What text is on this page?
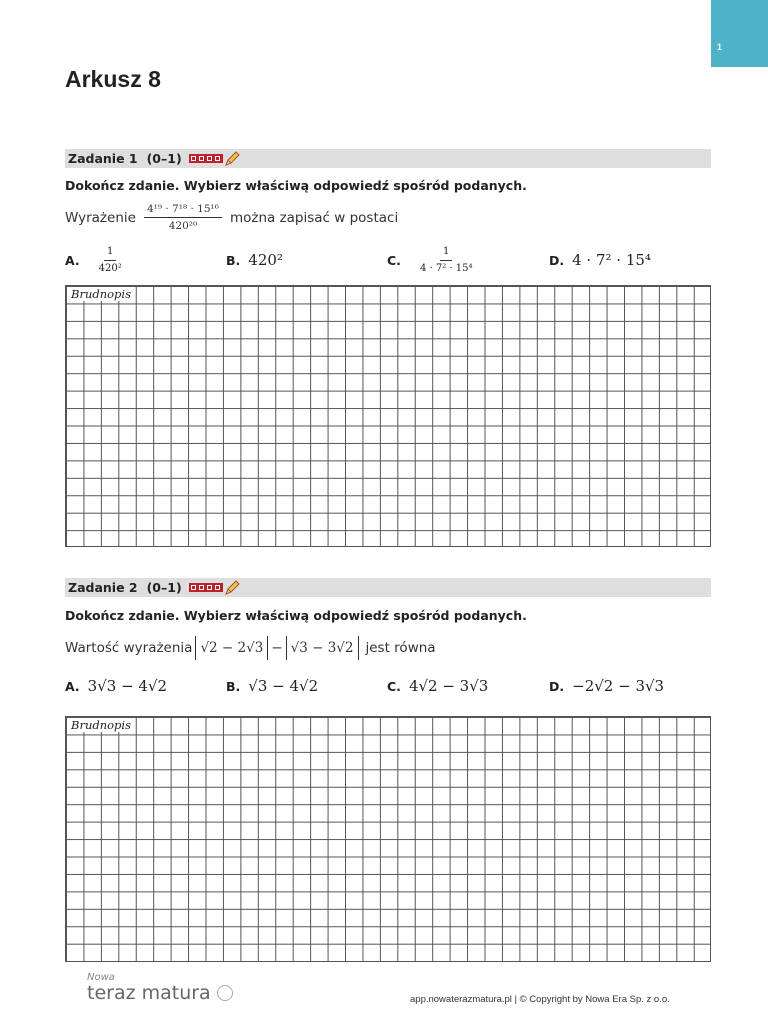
1
Arkusz 8
Zadanie 1 (0–1)
Dokończ zdanie. Wybierz właściwą odpowiedź spośród podanych.
Wyrażenie $\frac{\text{4¹⁹ · 7¹⁸ · 15¹⁶}}{\text{420²⁰}}$ można zapisać w postaci
A. $\frac{1}{\text{420²}}$	B. 420²	C. $\frac{1}{\text{4 · 7² · 15⁴}}$	D. 4 · 7² · 15⁴
Brudnopis
Zadanie 2 (0–1)
Dokończ zdanie. Wybierz właściwą odpowiedź spośród podanych.
Wartość wyrażenia √2 − 2√3 − √3 − 3√2 jest równa
A. 3√3 − 4√2	B. √3 − 4√2	C. 4√2 − 3√3	D. −2√2 − 3√3
Brudnopis
Nowa
teraz matura	app.nowaterazmatura.pl | © Copyright by Nowa Era Sp. z o.o.
